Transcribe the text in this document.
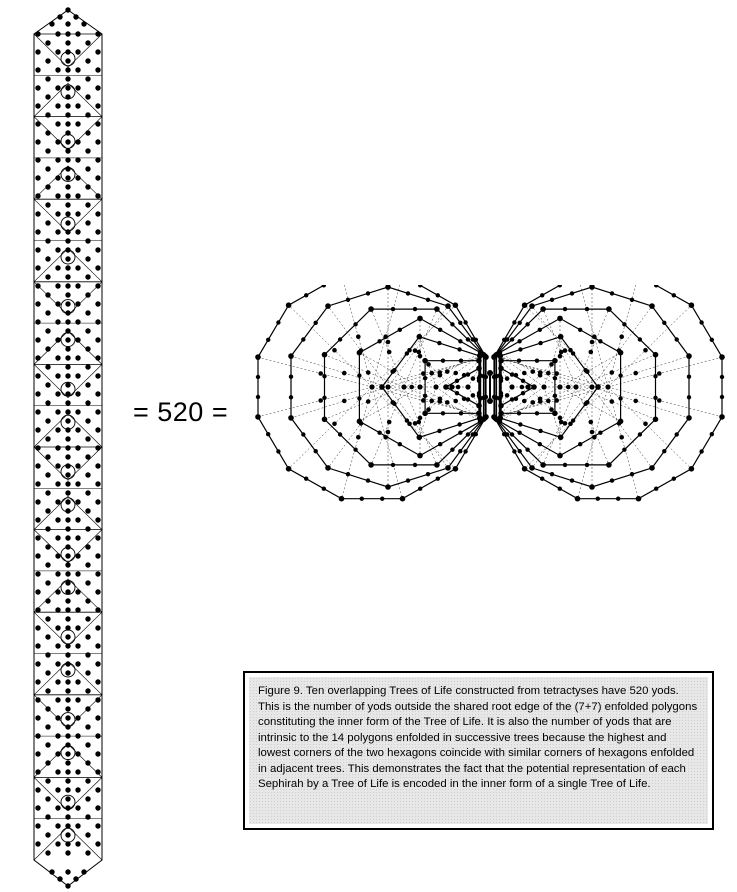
= 520 =

Figure 9. Ten overlapping Trees of Life constructed from tetractyses have 520 yods. This is the number of yods outside the shared root edge of the (7+7) enfolded polygons constituting the inner form of the Tree of Life. It is also the number of yods that are intrinsic to the 14 polygons enfolded in successive trees because the highest and lowest corners of the two hexagons coincide with similar corners of hexagons enfolded in adjacent trees. This demonstrates the fact that the potential representation of each Sephirah by a Tree of Life is encoded in the inner form of a single Tree of Life.
